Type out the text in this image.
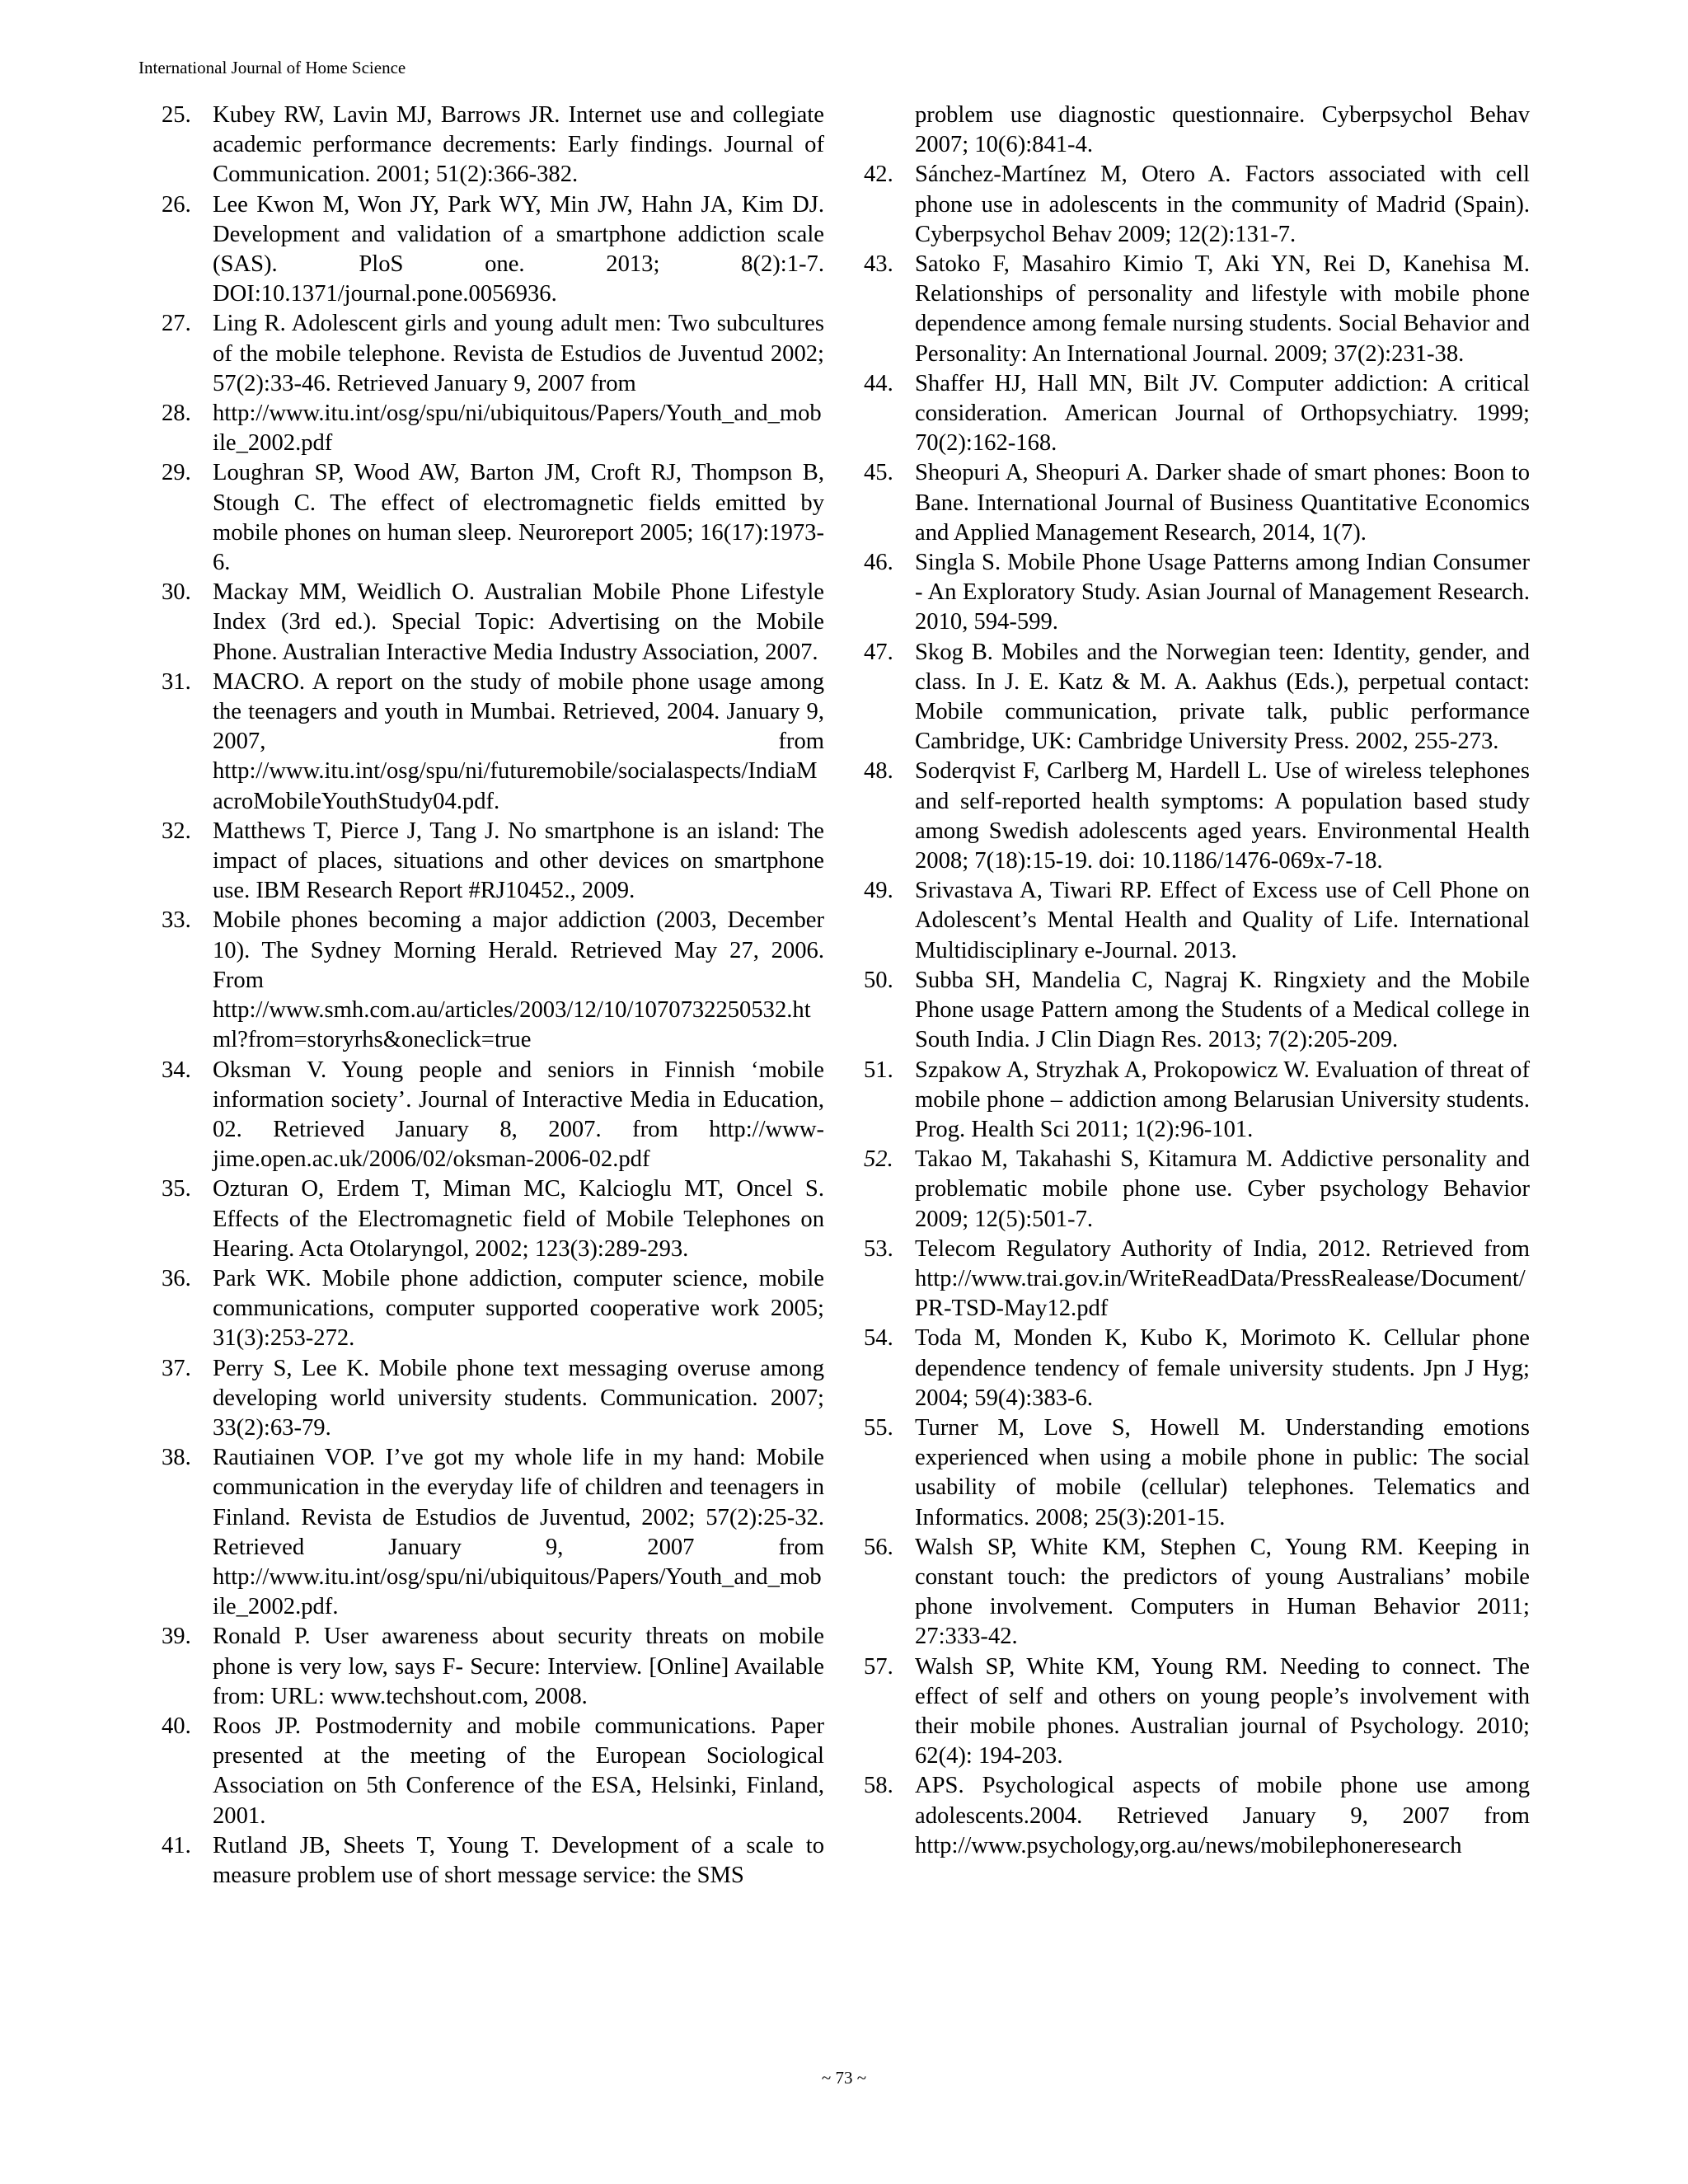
International Journal of Home Science
25. Kubey RW, Lavin MJ, Barrows JR. Internet use and collegiate academic performance decrements: Early findings. Journal of Communication. 2001; 51(2):366-382.
26. Lee Kwon M, Won JY, Park WY, Min JW, Hahn JA, Kim DJ. Development and validation of a smartphone addiction scale (SAS). PloS one. 2013; 8(2):1-7. DOI:10.1371/journal.pone.0056936.
27. Ling R. Adolescent girls and young adult men: Two subcultures of the mobile telephone. Revista de Estudios de Juventud 2002; 57(2):33-46. Retrieved January 9, 2007 from
28. http://www.itu.int/osg/spu/ni/ubiquitous/Papers/Youth_and_mobile_2002.pdf
29. Loughran SP, Wood AW, Barton JM, Croft RJ, Thompson B, Stough C. The effect of electromagnetic fields emitted by mobile phones on human sleep. Neuroreport 2005; 16(17):1973-6.
30. Mackay MM, Weidlich O. Australian Mobile Phone Lifestyle Index (3rd ed.). Special Topic: Advertising on the Mobile Phone. Australian Interactive Media Industry Association, 2007.
31. MACRO. A report on the study of mobile phone usage among the teenagers and youth in Mumbai. Retrieved, 2004. January 9, 2007, from http://www.itu.int/osg/spu/ni/futuremobile/socialaspects/IndiaMacroMobileYouthStudy04.pdf.
32. Matthews T, Pierce J, Tang J. No smartphone is an island: The impact of places, situations and other devices on smartphone use. IBM Research Report #RJ10452., 2009.
33. Mobile phones becoming a major addiction (2003, December 10). The Sydney Morning Herald. Retrieved May 27, 2006. From http://www.smh.com.au/articles/2003/12/10/1070732250532.html?from=storyrhs&oneclick=true
34. Oksman V. Young people and seniors in Finnish ‘mobile information society’. Journal of Interactive Media in Education, 02. Retrieved January 8, 2007. from http://www-jime.open.ac.uk/2006/02/oksman-2006-02.pdf
35. Ozturan O, Erdem T, Miman MC, Kalcioglu MT, Oncel S. Effects of the Electromagnetic field of Mobile Telephones on Hearing. Acta Otolaryngol, 2002; 123(3):289-293.
36. Park WK. Mobile phone addiction, computer science, mobile communications, computer supported cooperative work 2005; 31(3):253-272.
37. Perry S, Lee K. Mobile phone text messaging overuse among developing world university students. Communication. 2007; 33(2):63-79.
38. Rautiainen VOP. I’ve got my whole life in my hand: Mobile communication in the everyday life of children and teenagers in Finland. Revista de Estudios de Juventud, 2002; 57(2):25-32. Retrieved January 9, 2007 from http://www.itu.int/osg/spu/ni/ubiquitous/Papers/Youth_and_mobile_2002.pdf.
39. Ronald P. User awareness about security threats on mobile phone is very low, says F- Secure: Interview. [Online] Available from: URL: www.techshout.com, 2008.
40. Roos JP. Postmodernity and mobile communications. Paper presented at the meeting of the European Sociological Association on 5th Conference of the ESA, Helsinki, Finland, 2001.
41. Rutland JB, Sheets T, Young T. Development of a scale to measure problem use of short message service: the SMS
problem use diagnostic questionnaire. Cyberpsychol Behav 2007; 10(6):841-4.
42. Sánchez-Martínez M, Otero A. Factors associated with cell phone use in adolescents in the community of Madrid (Spain). Cyberpsychol Behav 2009; 12(2):131-7.
43. Satoko F, Masahiro Kimio T, Aki YN, Rei D, Kanehisa M. Relationships of personality and lifestyle with mobile phone dependence among female nursing students. Social Behavior and Personality: An International Journal. 2009; 37(2):231-38.
44. Shaffer HJ, Hall MN, Bilt JV. Computer addiction: A critical consideration. American Journal of Orthopsychiatry. 1999; 70(2):162-168.
45. Sheopuri A, Sheopuri A. Darker shade of smart phones: Boon to Bane. International Journal of Business Quantitative Economics and Applied Management Research, 2014, 1(7).
46. Singla S. Mobile Phone Usage Patterns among Indian Consumer - An Exploratory Study. Asian Journal of Management Research. 2010, 594-599.
47. Skog B. Mobiles and the Norwegian teen: Identity, gender, and class. In J. E. Katz & M. A. Aakhus (Eds.), perpetual contact: Mobile communication, private talk, public performance Cambridge, UK: Cambridge University Press. 2002, 255-273.
48. Soderqvist F, Carlberg M, Hardell L. Use of wireless telephones and self-reported health symptoms: A population based study among Swedish adolescents aged years. Environmental Health 2008; 7(18):15-19. doi: 10.1186/1476-069x-7-18.
49. Srivastava A, Tiwari RP. Effect of Excess use of Cell Phone on Adolescent’s Mental Health and Quality of Life. International Multidisciplinary e-Journal. 2013.
50. Subba SH, Mandelia C, Nagraj K. Ringxiety and the Mobile Phone usage Pattern among the Students of a Medical college in South India. J Clin Diagn Res. 2013; 7(2):205-209.
51. Szpakow A, Stryzhak A, Prokopowicz W. Evaluation of threat of mobile phone – addiction among Belarusian University students. Prog. Health Sci 2011; 1(2):96-101.
52. Takao M, Takahashi S, Kitamura M. Addictive personality and problematic mobile phone use. Cyber psychology Behavior 2009; 12(5):501-7.
53. Telecom Regulatory Authority of India, 2012. Retrieved from http://www.trai.gov.in/WriteReadData/PressRealease/Document/PR-TSD-May12.pdf
54. Toda M, Monden K, Kubo K, Morimoto K. Cellular phone dependence tendency of female university students. Jpn J Hyg; 2004; 59(4):383-6.
55. Turner M, Love S, Howell M. Understanding emotions experienced when using a mobile phone in public: The social usability of mobile (cellular) telephones. Telematics and Informatics. 2008; 25(3):201-15.
56. Walsh SP, White KM, Stephen C, Young RM. Keeping in constant touch: the predictors of young Australians’ mobile phone involvement. Computers in Human Behavior 2011; 27:333-42.
57. Walsh SP, White KM, Young RM. Needing to connect. The effect of self and others on young people’s involvement with their mobile phones. Australian journal of Psychology. 2010; 62(4): 194-203.
58. APS. Psychological aspects of mobile phone use among adolescents.2004. Retrieved January 9, 2007 from http://www.psychology,org.au/news/mobilephoneresearch
~ 73 ~
